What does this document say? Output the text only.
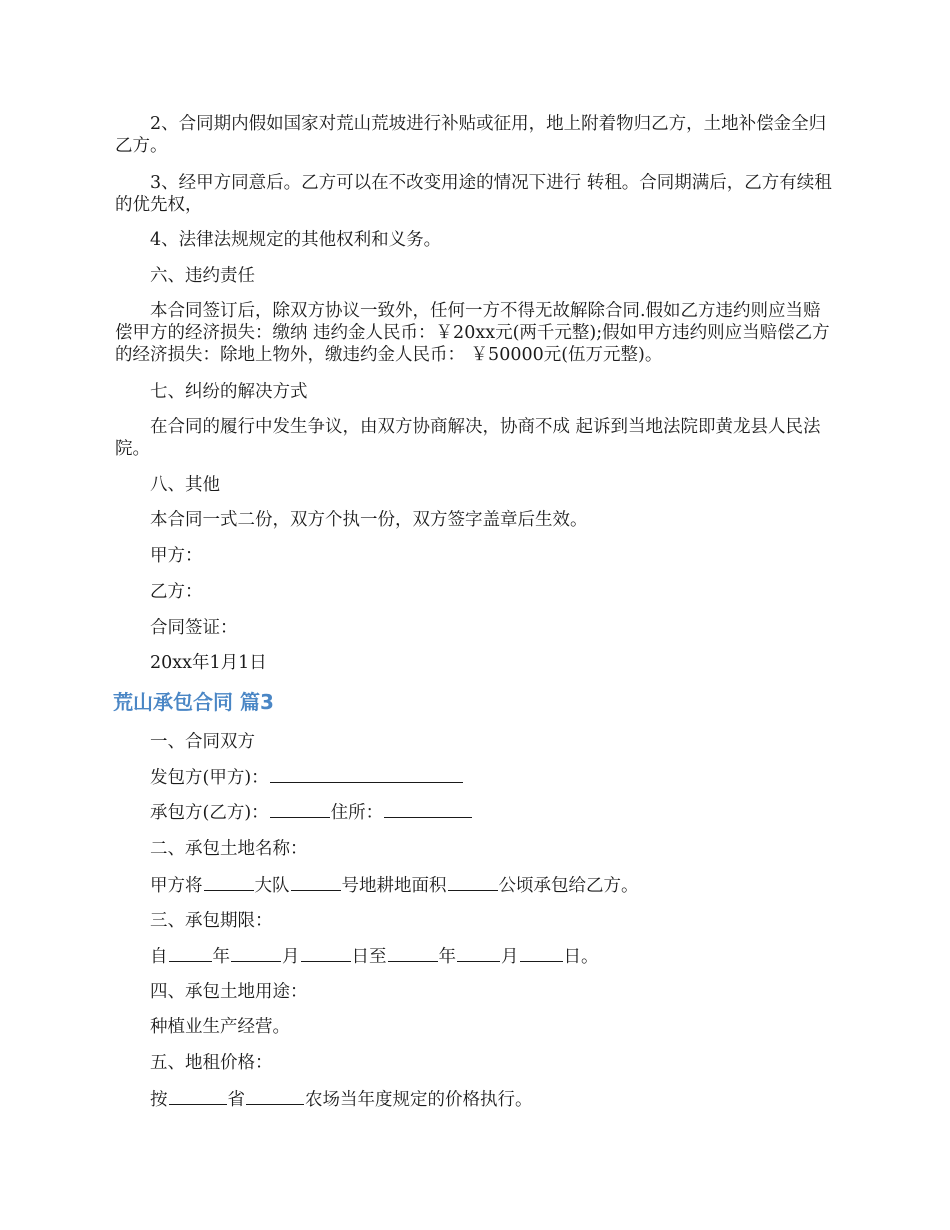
2、合同期内假如国家对荒山荒坡进行补贴或征用，地上附着物归乙方，土地补偿金全归乙方。
3、经甲方同意后。乙方可以在不改变用途的情况下进行 转租。合同期满后，乙方有续租的优先权，
4、法律法规规定的其他权利和义务。
六、违约责任
本合同签订后，除双方协议一致外，任何一方不得无故解除合同.假如乙方违约则应当赔偿甲方的经济损失：缴纳 违约金人民币：￥20xx元(两千元整);假如甲方违约则应当赔偿乙方的经济损失：除地上物外，缴违约金人民币： ￥50000元(伍万元整)。
七、纠纷的解决方式
在合同的履行中发生争议，由双方协商解决，协商不成 起诉到当地法院即黄龙县人民法院。
八、其他
本合同一式二份，双方个执一份，双方签字盖章后生效。
甲方：
乙方：
合同签证：
20xx年1月1日
荒山承包合同 篇3
一、合同双方
发包方(甲方)：
承包方(乙方)：	住所：
二、承包土地名称：
甲方将	大队	号地耕地面积	公顷承包给乙方。
三、承包期限：
自	年	月	日至	年	月	日。
四、承包土地用途：
种植业生产经营。
五、地租价格：
按	省	农场当年度规定的价格执行。
